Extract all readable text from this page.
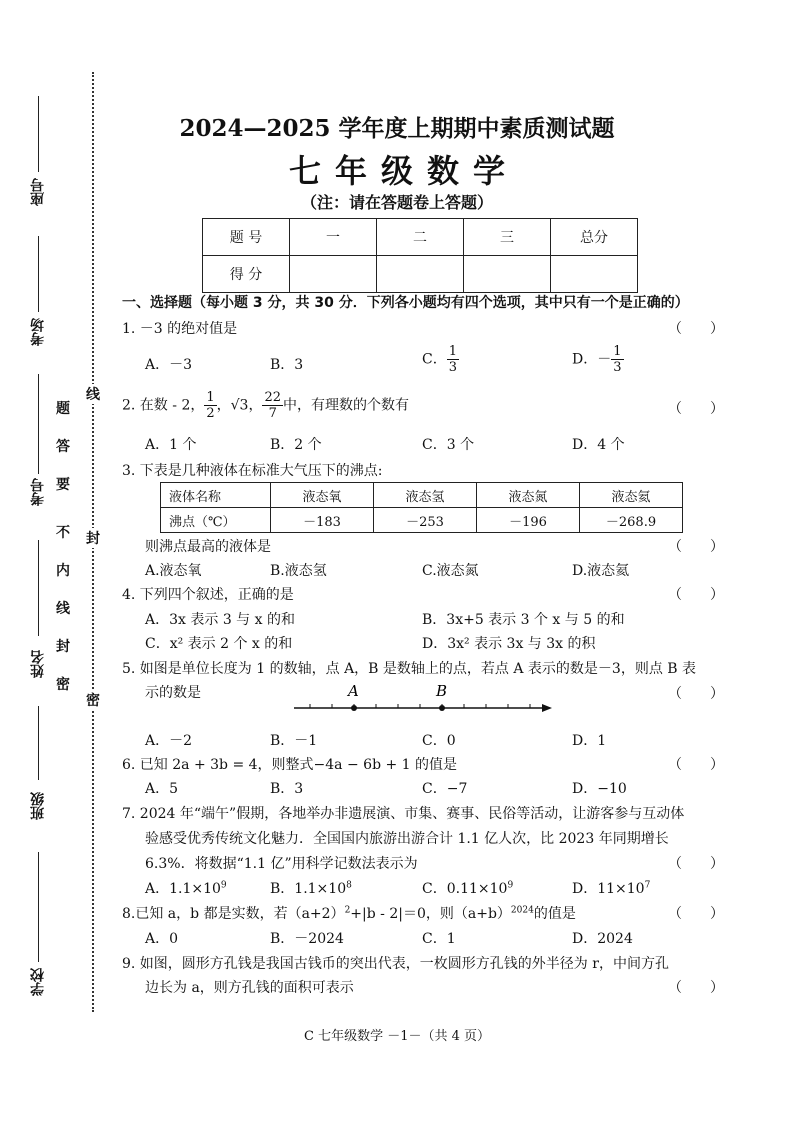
座号
考场
考号
姓名
班级
学校
题
答
要
不
内
线
封
密
线
封
密
2024—2025 学年度上期期中素质测试题
七年级数学
（注：请在答题卷上答题）
题 号	一	二	三	总分
得 分				
一、选择题（每小题 3 分，共 30 分．下列各小题均有四个选项，其中只有一个是正确的）
1. －3 的绝对值是	（　　）
A．－3	B．3	C． $\frac{1}{3}$	D．－ $\frac{1}{3}$
2. 在数 - 2， $\frac{1}{2}$ ，√3， $\frac{22}{7}$ 中，有理数的个数有	（　　）
A．1 个	B．2 个	C．3 个	D．4 个
3. 下表是几种液体在标准大气压下的沸点:
液体名称	液态氧	液态氢	液态氮	液态氦
沸点（℃）	－183	－253	－196	－268.9
则沸点最高的液体是	（　　）
A.液态氧	B.液态氢	C.液态氮	D.液态氦
4. 下列四个叙述，正确的是	（　　）
A．3x 表示 3 与 x 的和	B．3x+5 表示 3 个 x 与 5 的和
C．x² 表示 2 个 x 的和	D．3x² 表示 3x 与 3x 的积
5. 如图是单位长度为 1 的数轴，点 A，B 是数轴上的点，若点 A 表示的数是－3，则点 B 表
示的数是	（　　）
A	B
A．－2	B．－1	C．0	D．1
6. 已知 2a + 3b = 4，则整式−4a − 6b + 1 的值是	（　　）
A．5	B．3	C．−7	D．−10
7. 2024 年“端午”假期，各地举办非遗展演、市集、赛事、民俗等活动，让游客参与互动体
验感受优秀传统文化魅力．全国国内旅游出游合计 1.1 亿人次，比 2023 年同期增长
6.3%．将数据“1.1 亿”用科学记数法表示为	（　　）
A．$1.1\times 10^9$	B．$1.1\times 10^8$	C．$0.11\times 10^9$	D．$11\times 10^7$
8.已知 a，b 都是实数，若$(a+2)^2+|b - 2|=0$，则$(a+b)^{2024}$的值是	（　　）
A．0	B．－2024	C．1	D．2024
9. 如图，圆形方孔钱是我国古钱币的突出代表，一枚圆形方孔钱的外半径为 r，中间方孔
边长为 a，则方孔钱的面积可表示	（　　）
C 七年级数学 －1－（共 4 页）
